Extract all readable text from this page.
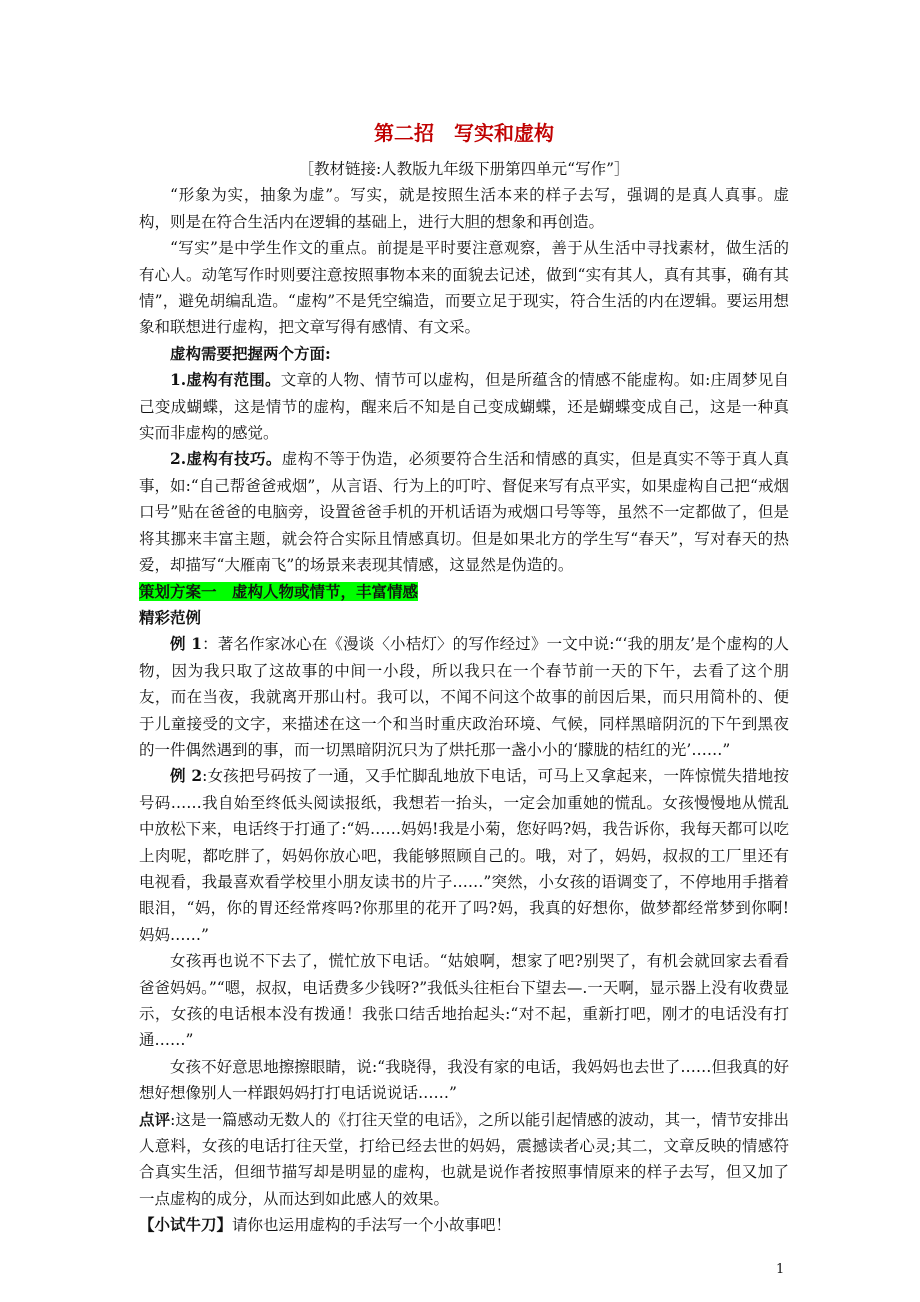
第二招　写实和虚构

［教材链接:人教版九年级下册第四单元“写作”］

“形象为实，抽象为虚”。写实，就是按照生活本来的样子去写，强调的是真人真事。虚构，则是在符合生活内在逻辑的基础上，进行大胆的想象和再创造。

“写实”是中学生作文的重点。前提是平时要注意观察，善于从生活中寻找素材，做生活的有心人。动笔写作时则要注意按照事物本来的面貌去记述，做到“实有其人，真有其事，确有其情”，避免胡编乱造。“虚构”不是凭空编造，而要立足于现实，符合生活的内在逻辑。要运用想象和联想进行虚构，把文章写得有感情、有文采。

虚构需要把握两个方面:

1.虚构有范围。文章的人物、情节可以虚构，但是所蕴含的情感不能虚构。如:庄周梦见自己变成蝴蝶，这是情节的虚构，醒来后不知是自己变成蝴蝶，还是蝴蝶变成自己，这是一种真实而非虚构的感觉。

2.虚构有技巧。虚构不等于伪造，必须要符合生活和情感的真实，但是真实不等于真人真事，如:“自己帮爸爸戒烟”，从言语、行为上的叮咛、督促来写有点平实，如果虚构自己把“戒烟口号”贴在爸爸的电脑旁，设置爸爸手机的开机话语为戒烟口号等等，虽然不一定都做了，但是将其挪来丰富主题，就会符合实际且情感真切。但是如果北方的学生写“春天”，写对春天的热爱，却描写“大雁南飞”的场景来表现其情感，这显然是伪造的。

策划方案一　虚构人物或情节，丰富情感

精彩范例

例 1：著名作家冰心在《漫谈〈小桔灯〉的写作经过》一文中说:“‘我的朋友’是个虚构的人物，因为我只取了这故事的中间一小段，所以我只在一个春节前一天的下午，去看了这个朋友，而在当夜，我就离开那山村。我可以，不闻不问这个故事的前因后果，而只用简朴的、便于儿童接受的文字，来描述在这一个和当时重庆政治环境、气候，同样黑暗阴沉的下午到黑夜的一件偶然遇到的事，而一切黑暗阴沉只为了烘托那一盏小小的‘朦胧的桔红的光’……”

例 2:女孩把号码按了一通，又手忙脚乱地放下电话，可马上又拿起来，一阵惊慌失措地按号码……我自始至终低头阅读报纸，我想若一抬头，一定会加重她的慌乱。女孩慢慢地从慌乱中放松下来，电话终于打通了:“妈……妈妈!我是小菊，您好吗?妈，我告诉你，我每天都可以吃上肉呢，都吃胖了，妈妈你放心吧，我能够照顾自己的。哦，对了，妈妈，叔叔的工厂里还有电视看，我最喜欢看学校里小朋友读书的片子……”突然，小女孩的语调变了，不停地用手揩着眼泪，“妈，你的胃还经常疼吗?你那里的花开了吗?妈，我真的好想你，做梦都经常梦到你啊!妈妈……”

女孩再也说不下去了，慌忙放下电话。“姑娘啊，想家了吧?别哭了，有机会就回家去看看爸爸妈妈。”“嗯，叔叔，电话费多少钱呀?”我低头往柜台下望去—.一天啊，显示器上没有收费显示，女孩的电话根本没有拨通！我张口结舌地抬起头:“对不起，重新打吧，刚才的电话没有打通……”

女孩不好意思地擦擦眼睛，说:“我晓得，我没有家的电话，我妈妈也去世了……但我真的好想好想像别人一样跟妈妈打打电话说说话……”

点评:这是一篇感动无数人的《打往天堂的电话》，之所以能引起情感的波动，其一，情节安排出人意料，女孩的电话打往天堂，打给已经去世的妈妈，震撼读者心灵;其二，文章反映的情感符合真实生活，但细节描写却是明显的虚构，也就是说作者按照事情原来的样子去写，但又加了一点虚构的成分，从而达到如此感人的效果。

【小试牛刀】请你也运用虚构的手法写一个小故事吧！

1
